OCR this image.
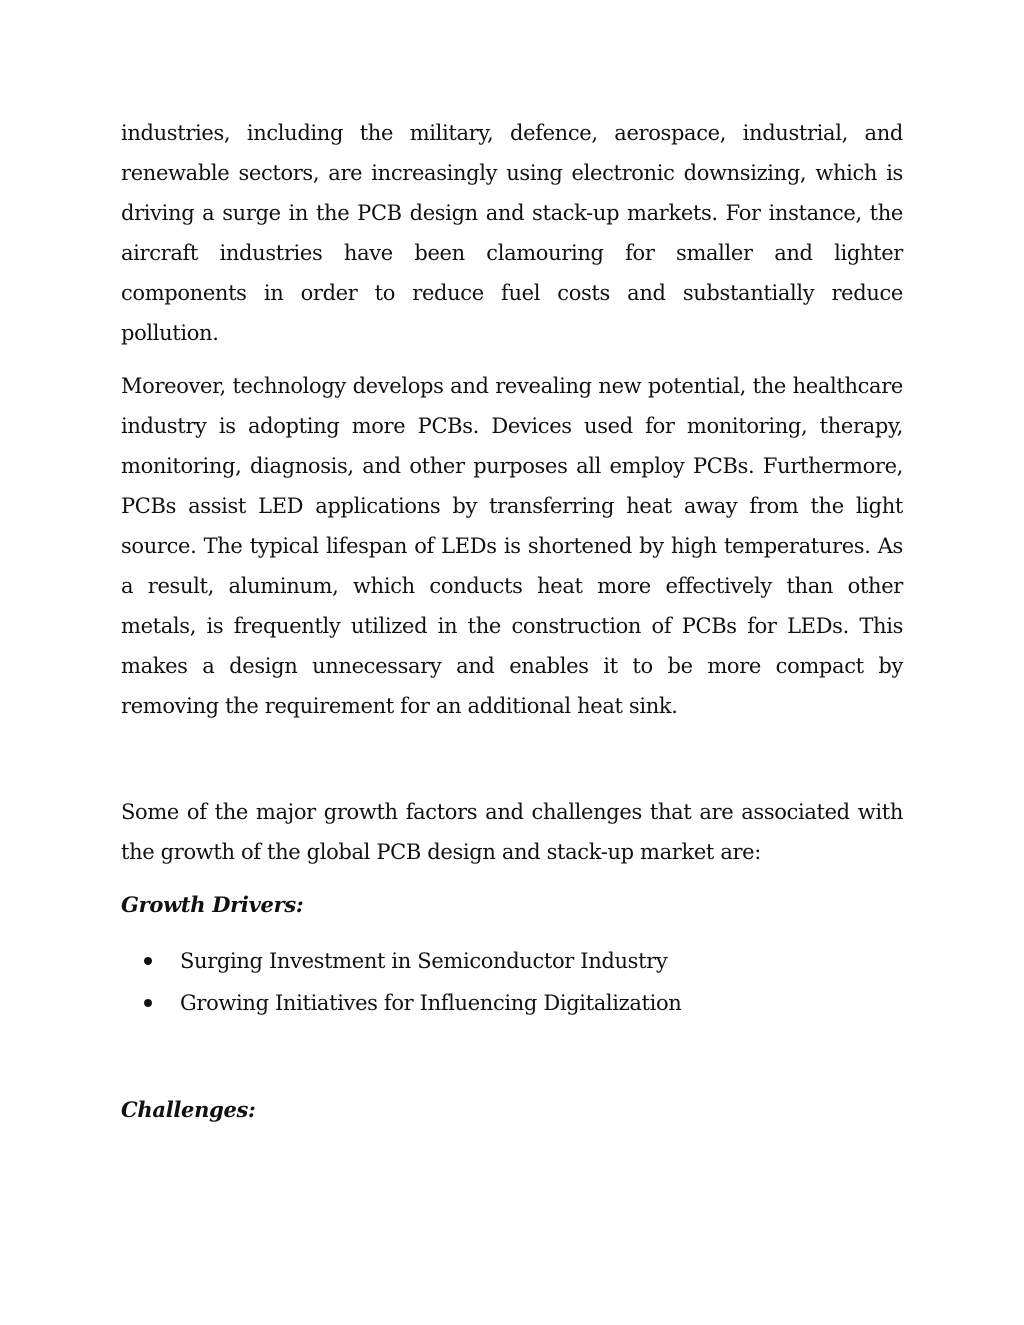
industries, including the military, defence, aerospace, industrial, and renewable sectors, are increasingly using electronic downsizing, which is driving a surge in the PCB design and stack-up markets. For instance, the aircraft industries have been clamouring for smaller and lighter components in order to reduce fuel costs and substantially reduce pollution.

Moreover, technology develops and revealing new potential, the healthcare industry is adopting more PCBs. Devices used for monitoring, therapy, monitoring, diagnosis, and other purposes all employ PCBs. Furthermore, PCBs assist LED applications by transferring heat away from the light source. The typical lifespan of LEDs is shortened by high temperatures. As a result, aluminum, which conducts heat more effectively than other metals, is frequently utilized in the construction of PCBs for LEDs. This makes a design unnecessary and enables it to be more compact by removing the requirement for an additional heat sink.

Some of the major growth factors and challenges that are associated with the growth of the global PCB design and stack-up market are:

Growth Drivers:
Surging Investment in Semiconductor Industry
Growing Initiatives for Influencing Digitalization
Challenges:
